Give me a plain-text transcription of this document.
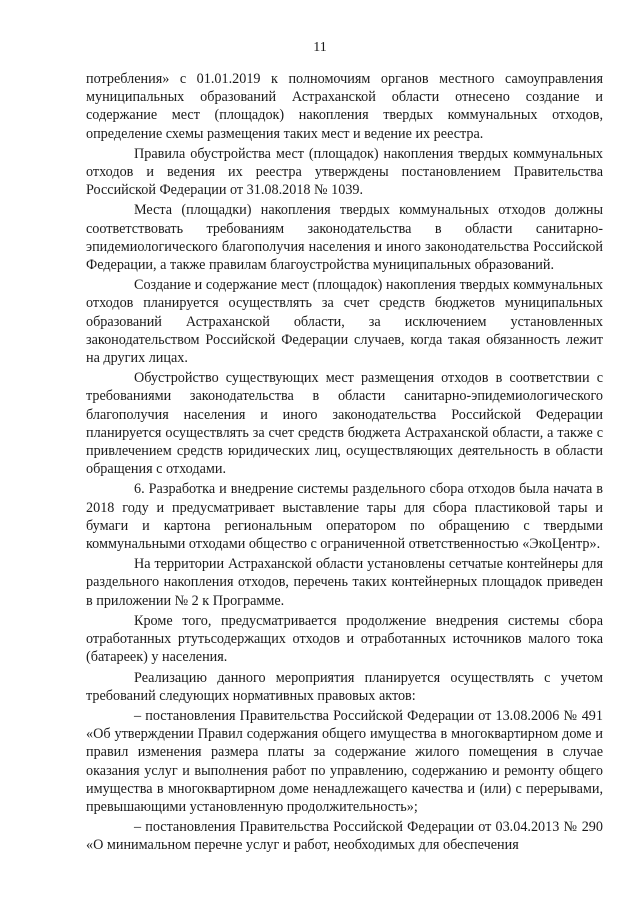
11

потребления» с 01.01.2019 к полномочиям органов местного самоуправления муниципальных образований Астраханской области отнесено создание и содержание мест (площадок) накопления твердых коммунальных отходов, определение схемы размещения таких мест и ведение их реестра.

Правила обустройства мест (площадок) накопления твердых коммунальных отходов и ведения их реестра утверждены постановлением Правительства Российской Федерации от 31.08.2018 № 1039.

Места (площадки) накопления твердых коммунальных отходов должны соответствовать требованиям законодательства в области санитарно-эпидемиологического благополучия населения и иного законодательства Российской Федерации, а также правилам благоустройства муниципальных образований.

Создание и содержание мест (площадок) накопления твердых коммунальных отходов планируется осуществлять за счет средств бюджетов муниципальных образований Астраханской области, за исключением установленных законодательством Российской Федерации случаев, когда такая обязанность лежит на других лицах.

Обустройство существующих мест размещения отходов в соответствии с требованиями законодательства в области санитарно-эпидемиологического благополучия населения и иного законодательства Российской Федерации планируется осуществлять за счет средств бюджета Астраханской области, а также с привлечением средств юридических лиц, осуществляющих деятельность в области обращения с отходами.

6. Разработка и внедрение системы раздельного сбора отходов была начата в 2018 году и предусматривает выставление тары для сбора пластиковой тары и бумаги и картона региональным оператором по обращению с твердыми коммунальными отходами общество с ограниченной ответственностью «ЭкоЦентр».

На территории Астраханской области установлены сетчатые контейнеры для раздельного накопления отходов, перечень таких контейнерных площадок приведен в приложении № 2 к Программе.

Кроме того, предусматривается продолжение внедрения системы сбора отработанных ртутьсодержащих отходов и отработанных источников малого тока (батареек) у населения.

Реализацию данного мероприятия планируется осуществлять с учетом требований следующих нормативных правовых актов:

– постановления Правительства Российской Федерации от 13.08.2006 № 491 «Об утверждении Правил содержания общего имущества в многоквартирном доме и правил изменения размера платы за содержание жилого помещения в случае оказания услуг и выполнения работ по управлению, содержанию и ремонту общего имущества в многоквартирном доме ненадлежащего качества и (или) с перерывами, превышающими установленную продолжительность»;

– постановления Правительства Российской Федерации от 03.04.2013 № 290 «О минимальном перечне услуг и работ, необходимых для обеспечения
